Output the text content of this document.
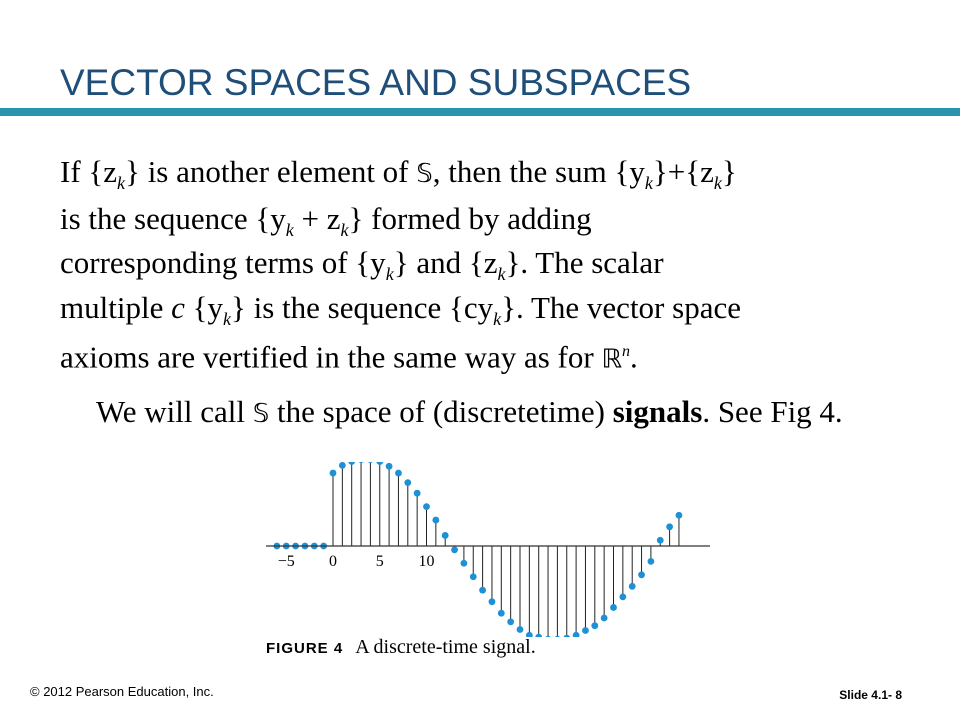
VECTOR SPACES AND SUBSPACES

If $\{z_k\}$ is another element of 𝕊, then the sum $\{y_k\}+\{z_k\}$

is the sequence $\{y_k + z_k\}$ formed by adding

corresponding terms of $\{y_k\}$ and $\{z_k\}$. The scalar

multiple c $\{y_k\}$ is the sequence $\{cy_k\}$. The vector space

axioms are vertified in the same way as for ℝ$^n$.

We will call 𝕊 the space of (discretetime) signals. See Fig 4.
−5 0 5 10
FIGURE 4 A discrete-time signal.
© 2012 Pearson Education, Inc.	Slide 4.1- 8
